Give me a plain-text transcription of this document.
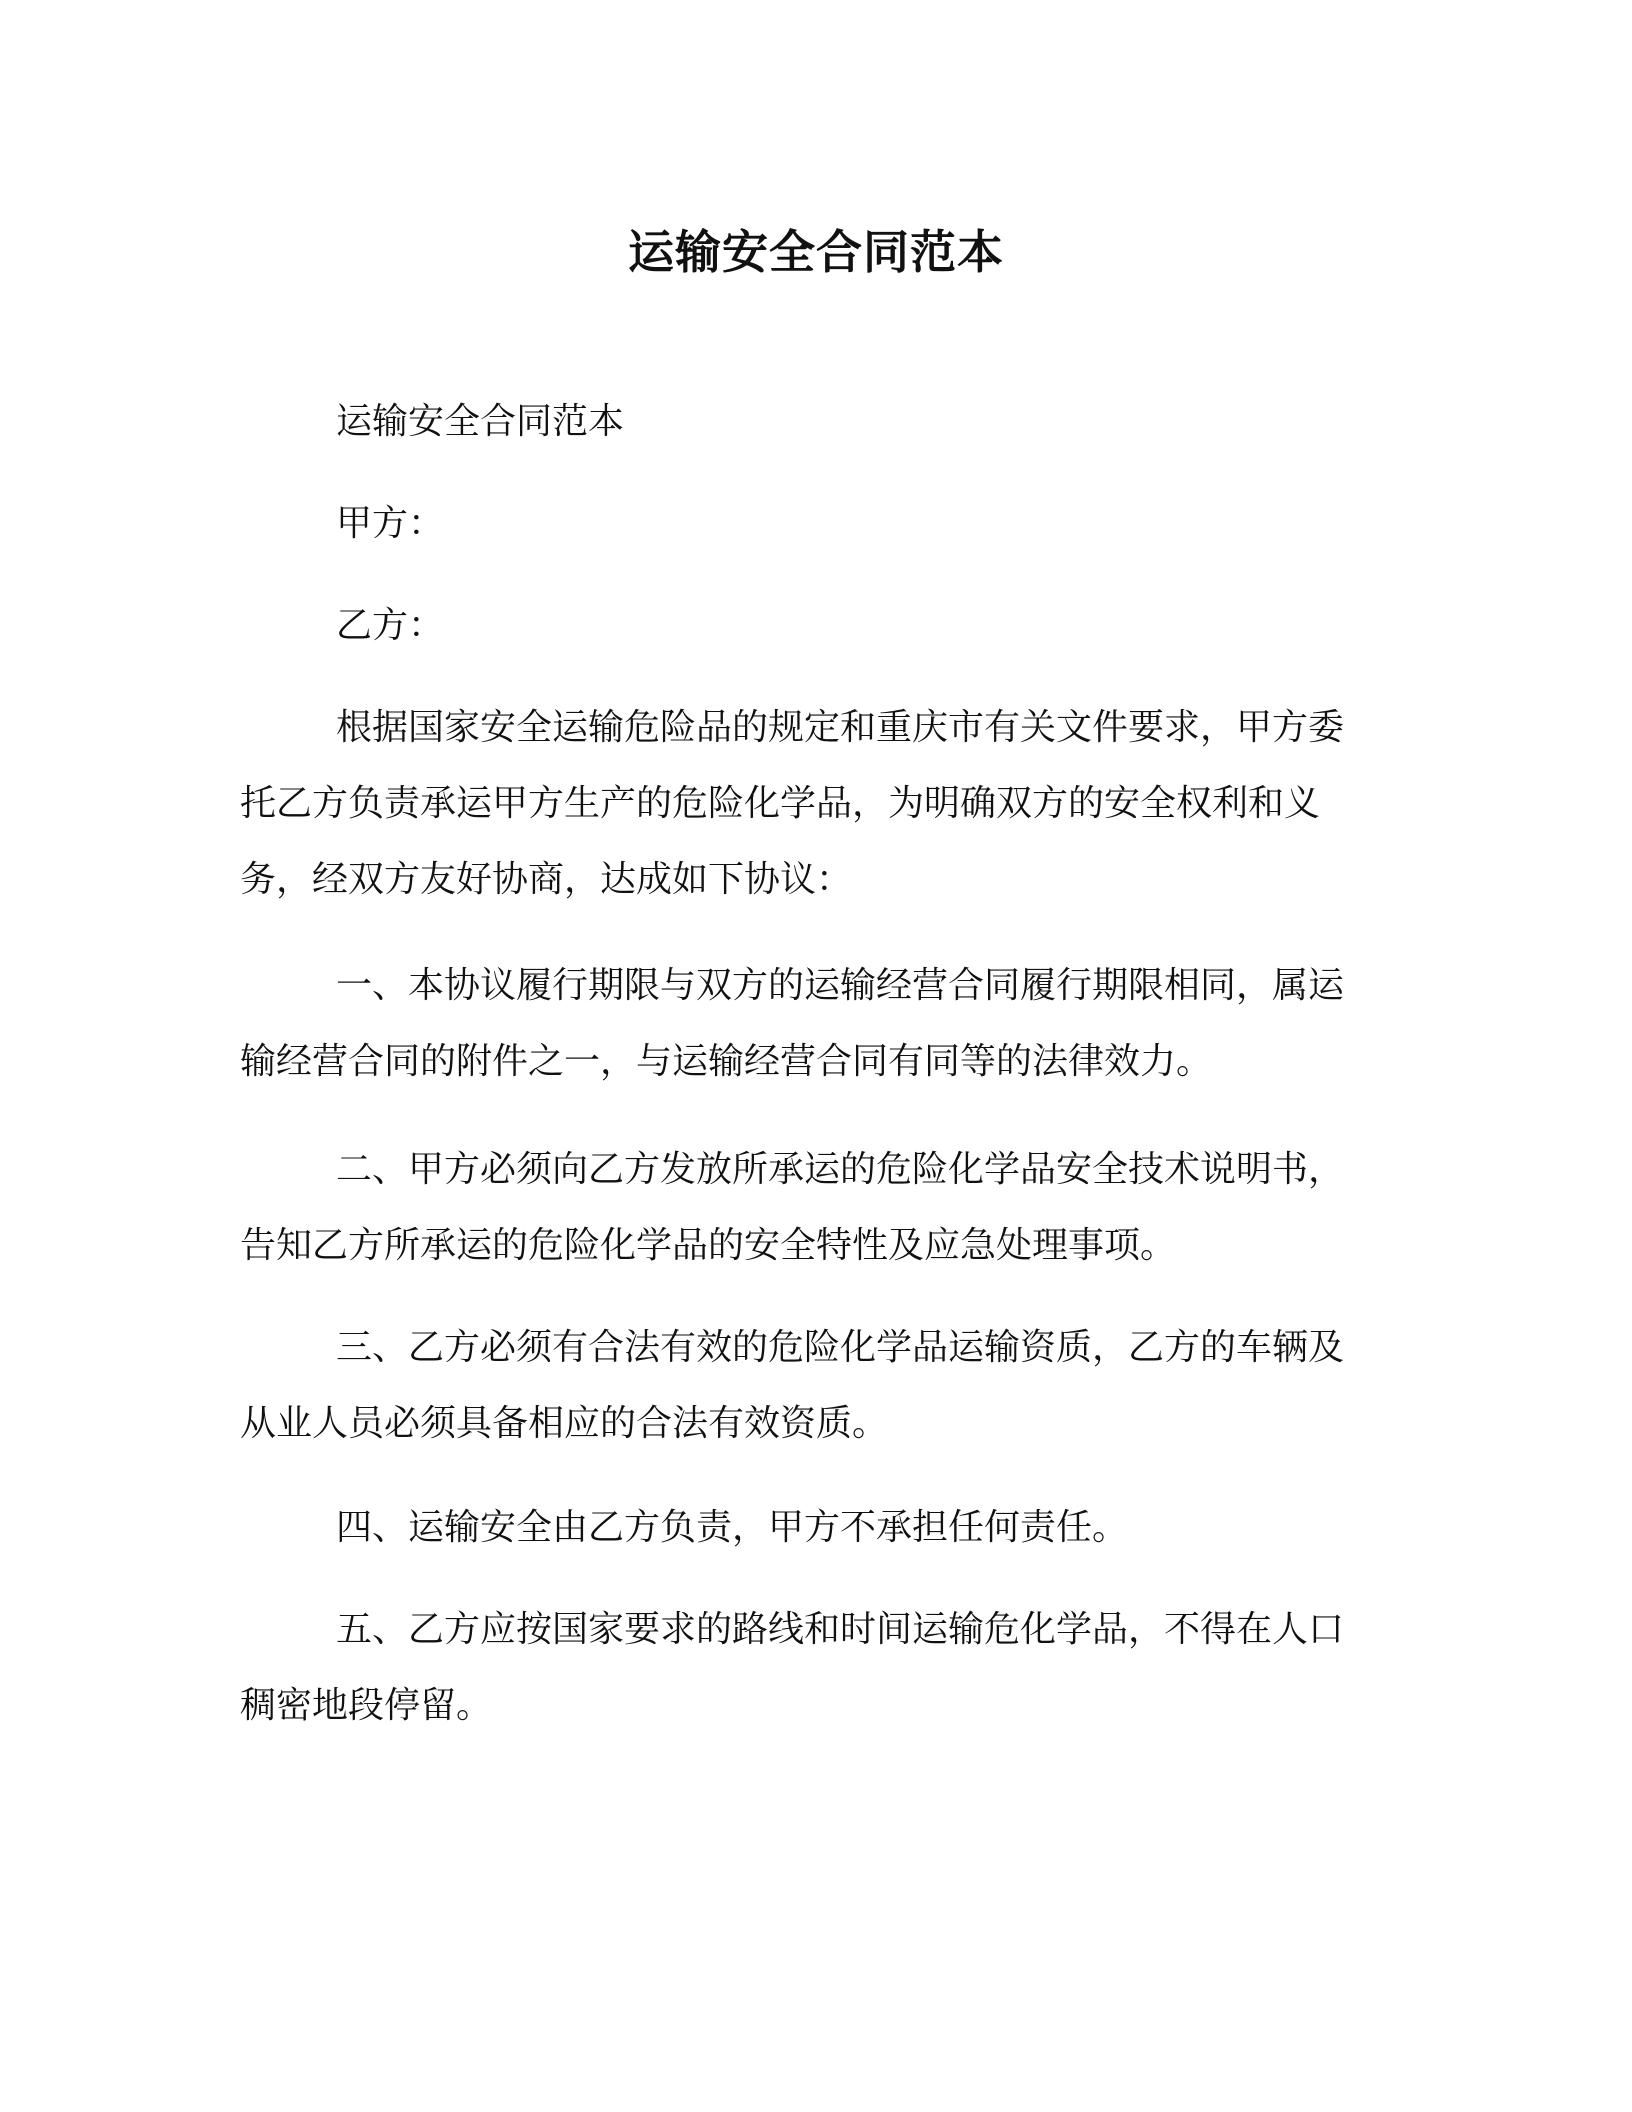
运输安全合同范本
运输安全合同范本
甲方：
乙方：
根据国家安全运输危险品的规定和重庆市有关文件要求，甲方委
托乙方负责承运甲方生产的危险化学品，为明确双方的安全权利和义
务，经双方友好协商，达成如下协议：
一、本协议履行期限与双方的运输经营合同履行期限相同，属运
输经营合同的附件之一，与运输经营合同有同等的法律效力。
二、甲方必须向乙方发放所承运的危险化学品安全技术说明书，
告知乙方所承运的危险化学品的安全特性及应急处理事项。
三、乙方必须有合法有效的危险化学品运输资质，乙方的车辆及
从业人员必须具备相应的合法有效资质。
四、运输安全由乙方负责，甲方不承担任何责任。
五、乙方应按国家要求的路线和时间运输危化学品，不得在人口
稠密地段停留。
